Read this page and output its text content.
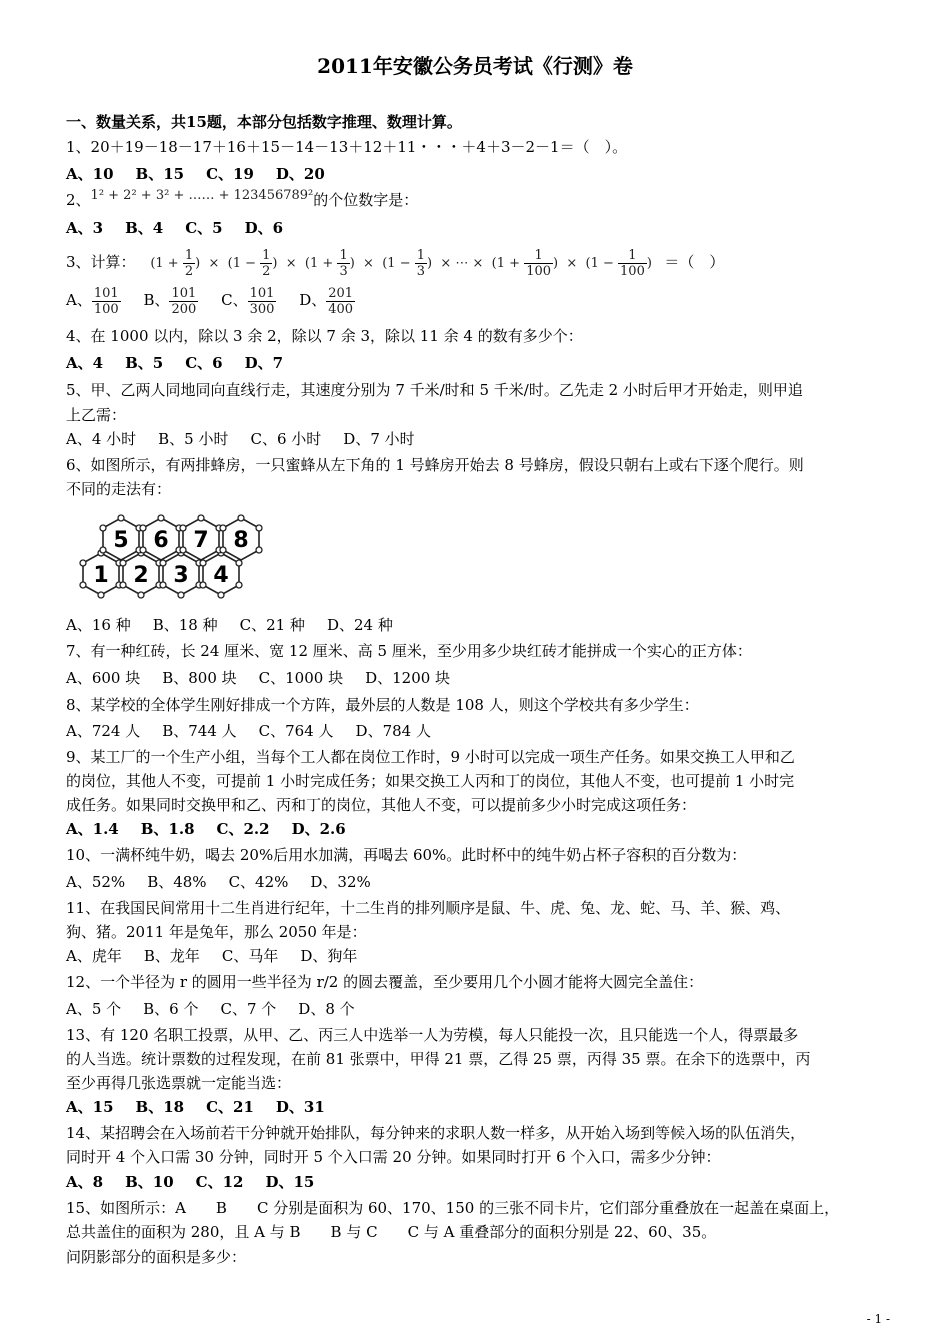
2011年安徽公务员考试《行测》卷
一、数量关系，共15题，本部分包括数字推理、数理计算。
1、20＋19－18－17＋16＋15－14－13＋12＋11・・・＋4＋3－2－1＝（　）。
A、10 B、15 C、19 D、20
2、1² + 2² + 3² + …… + 123456789²的个位数字是：
A、3 B、4 C、5 D、6
3、计算： ($1 + \frac{1}{2}$ )  ×  ($1 - \frac{1}{2}$ )  ×  ($1 + \frac{1}{3}$ )  ×  ($1 - \frac{1}{3}$ )  × ⋯ ×  ($1 + \frac{1}{100}$ )  ×  ($1 - \frac{1}{100}$ )   ＝（　）
A、 $\frac{101}{100}$ B、 $\frac{101}{200}$ C、 $\frac{101}{300}$ D、 $\frac{201}{400}$
4、在 1000 以内，除以 3 余 2，除以 7 余 3，除以 11 余 4 的数有多少个：
A、4 B、5 C、6 D、7
5、甲、乙两人同地同向直线行走，其速度分别为 7 千米/时和 5 千米/时。乙先走 2 小时后甲才开始走，则甲追
上乙需：
A、4 小时 B、5 小时 C、6 小时 D、7 小时
6、如图所示，有两排蜂房，一只蜜蜂从左下角的 1 号蜂房开始去 8 号蜂房，假设只朝右上或右下逐个爬行。则
不同的走法有：
5 6 7 8
1 2 3 4
A、16 种 B、18 种 C、21 种 D、24 种
7、有一种红砖，长 24 厘米、宽 12 厘米、高 5 厘米，至少用多少块红砖才能拼成一个实心的正方体：
A、600 块 B、800 块 C、1000 块 D、1200 块
8、某学校的全体学生刚好排成一个方阵，最外层的人数是 108 人，则这个学校共有多少学生：
A、724 人 B、744 人 C、764 人 D、784 人
9、某工厂的一个生产小组，当每个工人都在岗位工作时，9 小时可以完成一项生产任务。如果交换工人甲和乙
的岗位，其他人不变，可提前 1 小时完成任务；如果交换工人丙和丁的岗位，其他人不变，也可提前 1 小时完
成任务。如果同时交换甲和乙、丙和丁的岗位，其他人不变，可以提前多少小时完成这项任务：
A、1.4 B、1.8 C、2.2 D、2.6
10、一满杯纯牛奶，喝去 20%后用水加满，再喝去 60%。此时杯中的纯牛奶占杯子容积的百分数为：
A、52% B、48% C、42% D、32%
11、在我国民间常用十二生肖进行纪年，十二生肖的排列顺序是鼠、牛、虎、兔、龙、蛇、马、羊、猴、鸡、
狗、猪。2011 年是兔年，那么 2050 年是：
A、虎年 B、龙年 C、马年 D、狗年
12、一个半径为 r 的圆用一些半径为 r/2 的圆去覆盖，至少要用几个小圆才能将大圆完全盖住：
A、5 个 B、6 个 C、7 个 D、8 个
13、有 120 名职工投票，从甲、乙、丙三人中选举一人为劳模，每人只能投一次，且只能选一个人，得票最多
的人当选。统计票数的过程发现，在前 81 张票中，甲得 21 票，乙得 25 票，丙得 35 票。在余下的选票中，丙
至少再得几张选票就一定能当选：
A、15 B、18 C、21 D、31
14、某招聘会在入场前若干分钟就开始排队，每分钟来的求职人数一样多，从开始入场到等候入场的队伍消失，
同时开 4 个入口需 30 分钟，同时开 5 个入口需 20 分钟。如果同时打开 6 个入口，需多少分钟：
A、8 B、10 C、12 D、15
15、如图所示：A　　B　　C 分别是面积为 60、170、150 的三张不同卡片，它们部分重叠放在一起盖在桌面上，
总共盖住的面积为 280，且 A 与 B　　B 与 C　　C 与 A 重叠部分的面积分别是 22、60、35。
问阴影部分的面积是多少：
- 1 -
